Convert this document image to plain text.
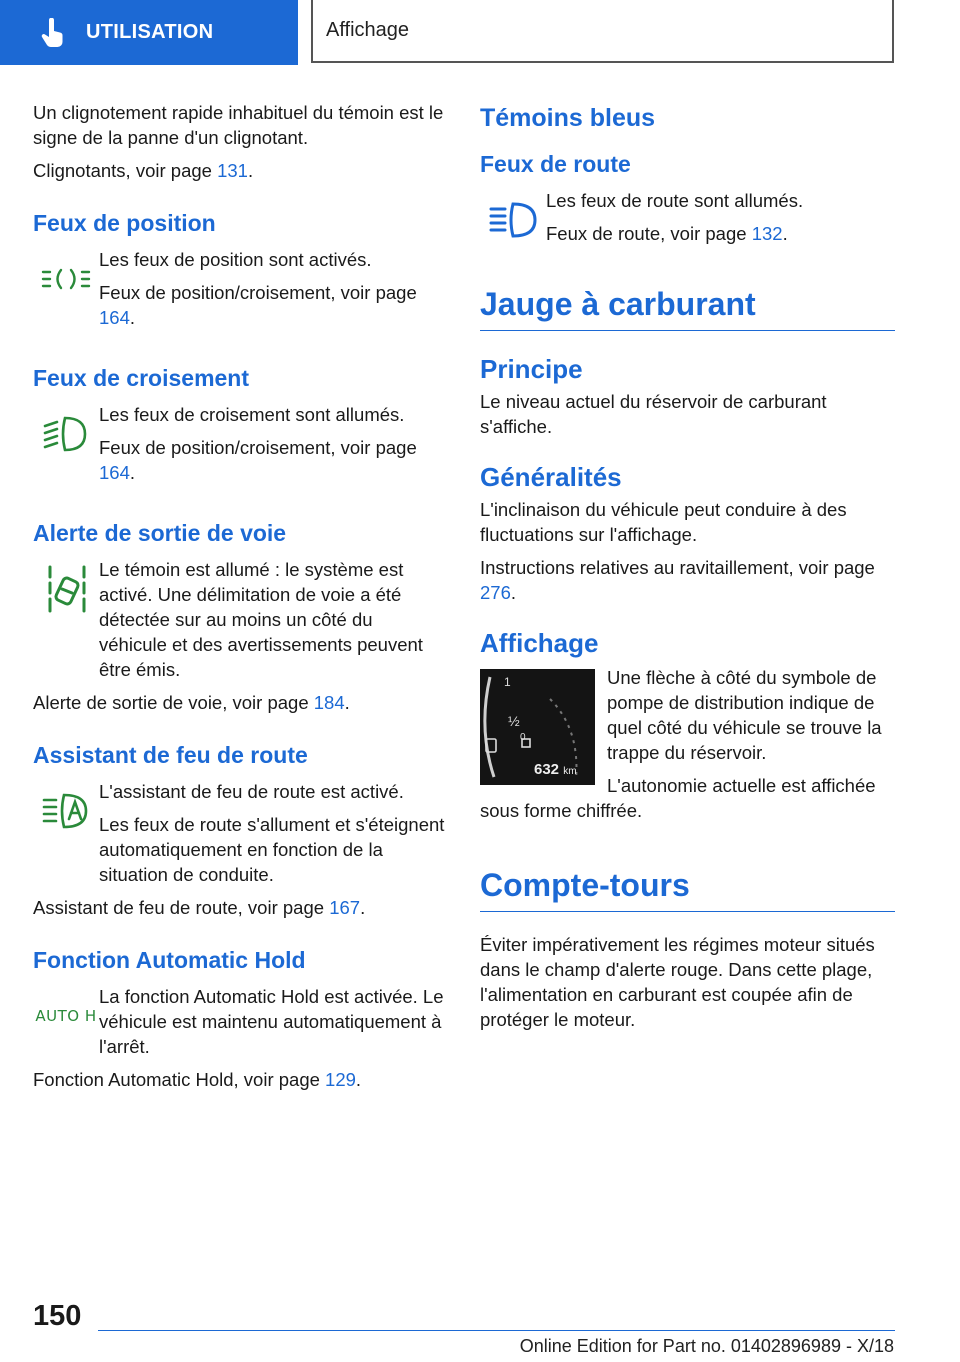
UTILISATION	Affichage

Un clignotement rapide inhabituel du témoin est le signe de la panne d'un clignotant.

Clignotants, voir page 131.

Feux de position

Les feux de position sont activés.

Feux de position/croisement, voir page 164.

Feux de croisement

Les feux de croisement sont allumés.

Feux de position/croisement, voir page 164.

Alerte de sortie de voie

Le témoin est allumé : le système est activé. Une délimitation de voie a été détectée sur au moins un côté du véhicule et des avertissements peuvent être émis.

Alerte de sortie de voie, voir page 184.

Assistant de feu de route

L'assistant de feu de route est activé.

Les feux de route s'allument et s'éteignent automatiquement en fonction de la situation de conduite.

Assistant de feu de route, voir page 167.

Fonction Automatic Hold
AUTO H

La fonction Automatic Hold est activée. Le véhicule est maintenu automatiquement à l'arrêt.

Fonction Automatic Hold, voir page 129.

Témoins bleus
Feux de route

Les feux de route sont allumés.

Feux de route, voir page 132.

Jauge à carburant
Principe

Le niveau actuel du réservoir de carburant s'affiche.

Généralités

L'inclinaison du véhicule peut conduire à des fluctuations sur l'affichage.

Instructions relatives au ravitaillement, voir page 276.

Affichage
1
½
0
632 km

Une flèche à côté du symbole de pompe de distribution indique de quel côté du véhicule se trouve la trappe du réservoir.

L'autonomie actuelle est affichée sous forme chiffrée.

Compte-tours

Éviter impérativement les régimes moteur situés dans le champ d'alerte rouge. Dans cette plage, l'alimentation en carburant est coupée afin de protéger le moteur.

150
Online Edition for Part no. 01402896989 - X/18
